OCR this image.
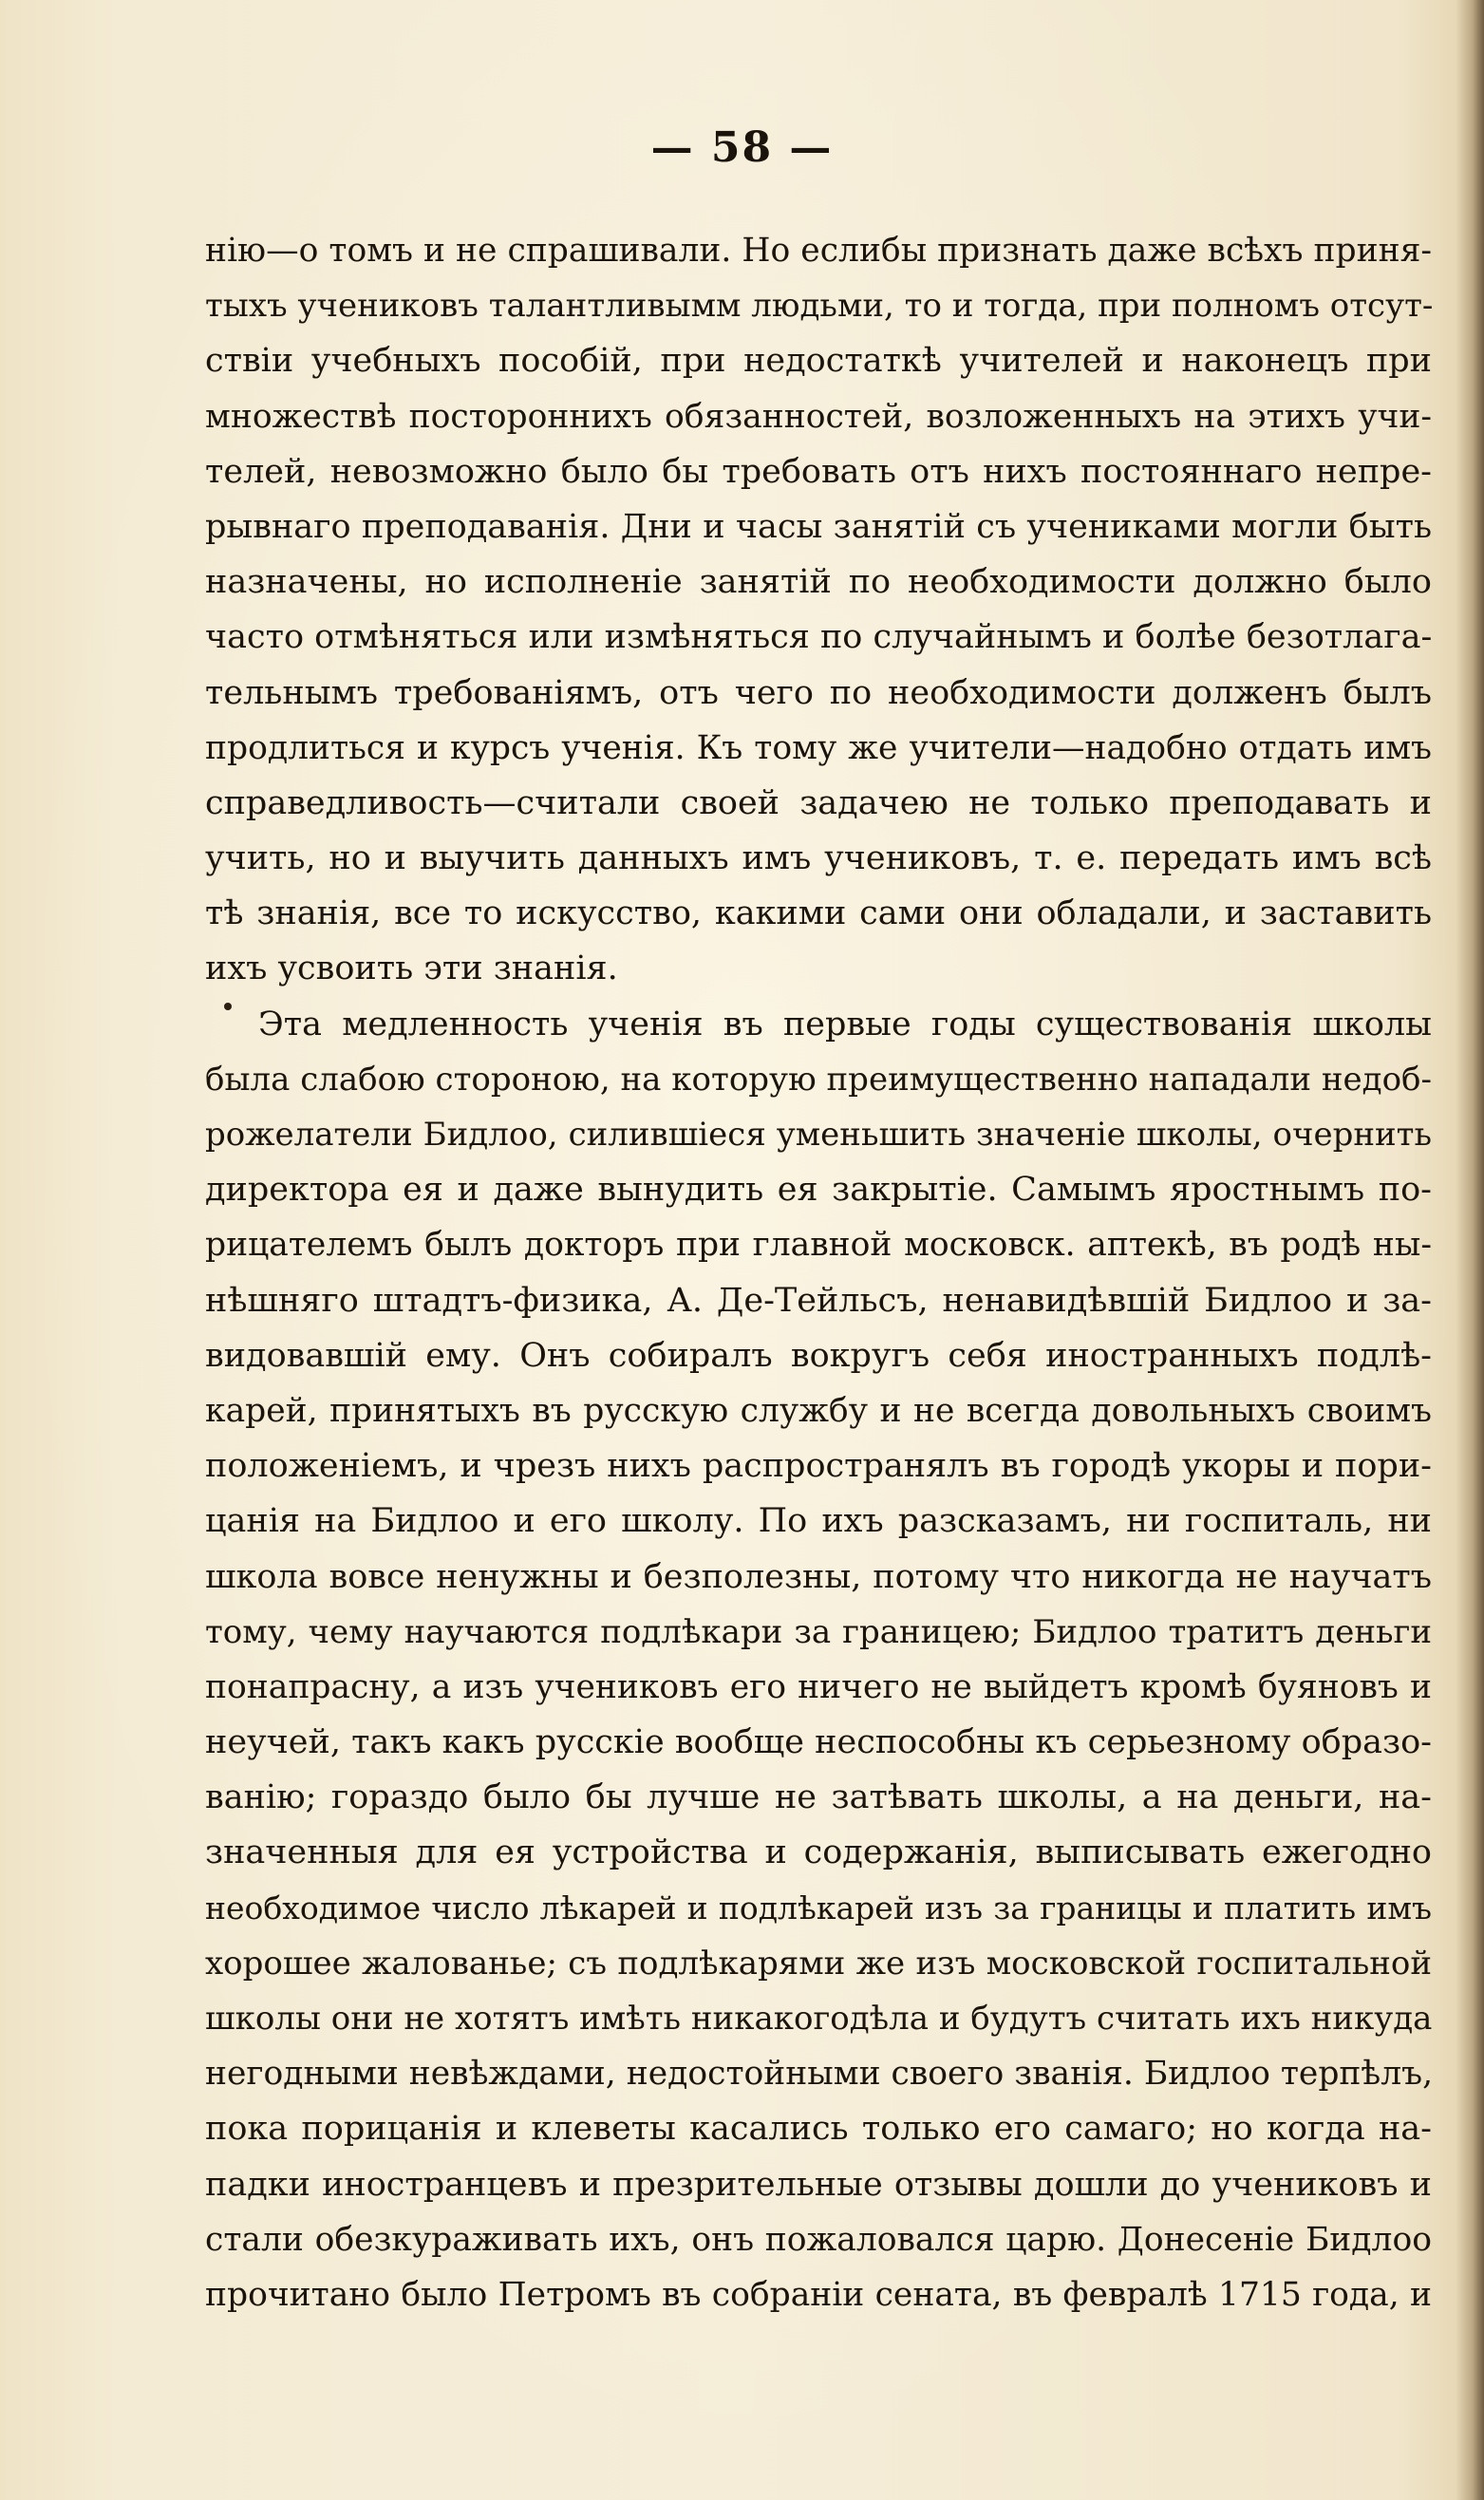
— 58 —
нію—о томъ и не спрашивали. Но еслибы признать даже всѣхъ приня-
тыхъ учениковъ талантливымм людьми, то и тогда, при полномъ отсут-
ствіи учебныхъ пособій, при недостаткѣ учителей и наконецъ при
множествѣ постороннихъ обязанностей, возложенныхъ на этихъ учи-
телей, невозможно было бы требовать отъ нихъ постояннаго непре-
рывнаго преподаванія. Дни и часы занятій съ учениками могли быть
назначены, но исполненіе занятій по необходимости должно было
часто отмѣняться или измѣняться по случайнымъ и болѣе безотлага-
тельнымъ требованіямъ, отъ чего по необходимости долженъ былъ
продлиться и курсъ ученія. Къ тому же учители—надобно отдать имъ
справедливость—считали своей задачею не только преподавать и
учить, но и выучить данныхъ имъ учениковъ, т. е. передать имъ всѣ
тѣ знанія, все то искусство, какими сами они обладали, и заставить
ихъ усвоить эти знанія.
Эта медленность ученія въ первые годы существованія школы
была слабою стороною, на которую преимущественно нападали недоб-
рожелатели Бидлоо, силившіеся уменьшить значеніе школы, очернить
директора ея и даже вынудить ея закрытіе. Самымъ яростнымъ по-
рицателемъ былъ докторъ при главной московск. аптекѣ, въ родѣ ны-
нѣшняго штадтъ-физика, А. Де-Тейльсъ, ненавидѣвшій Бидлоо и за-
видовавшій ему. Онъ собиралъ вокругъ себя иностранныхъ подлѣ-
карей, принятыхъ въ русскую службу и не всегда довольныхъ своимъ
положеніемъ, и чрезъ нихъ распространялъ въ городѣ укоры и пори-
цанія на Бидлоо и его школу. По ихъ разсказамъ, ни госпиталь, ни
школа вовсе ненужны и безполезны, потому что никогда не научатъ
тому, чему научаются подлѣкари за границею; Бидлоо тратитъ деньги
понапрасну, а изъ учениковъ его ничего не выйдетъ кромѣ буяновъ и
неучей, такъ какъ русскіе вообще неспособны къ серьезному образо-
ванію; гораздо было бы лучше не затѣвать школы, а на деньги, на-
значенныя для ея устройства и содержанія, выписывать ежегодно
необходимое число лѣкарей и подлѣкарей изъ за границы и платить имъ
хорошее жалованье; съ подлѣкарями же изъ московской госпитальной
школы они не хотятъ имѣть никакогодѣла и будутъ считать ихъ никуда
негодными невѣждами, недостойными своего званія. Бидлоо терпѣлъ,
пока порицанія и клеветы касались только его самаго; но когда на-
падки иностранцевъ и презрительные отзывы дошли до учениковъ и
стали обезкураживать ихъ, онъ пожаловался царю. Донесеніе Бидлоо
прочитано было Петромъ въ собраніи сената, въ февралѣ 1715 года, и
